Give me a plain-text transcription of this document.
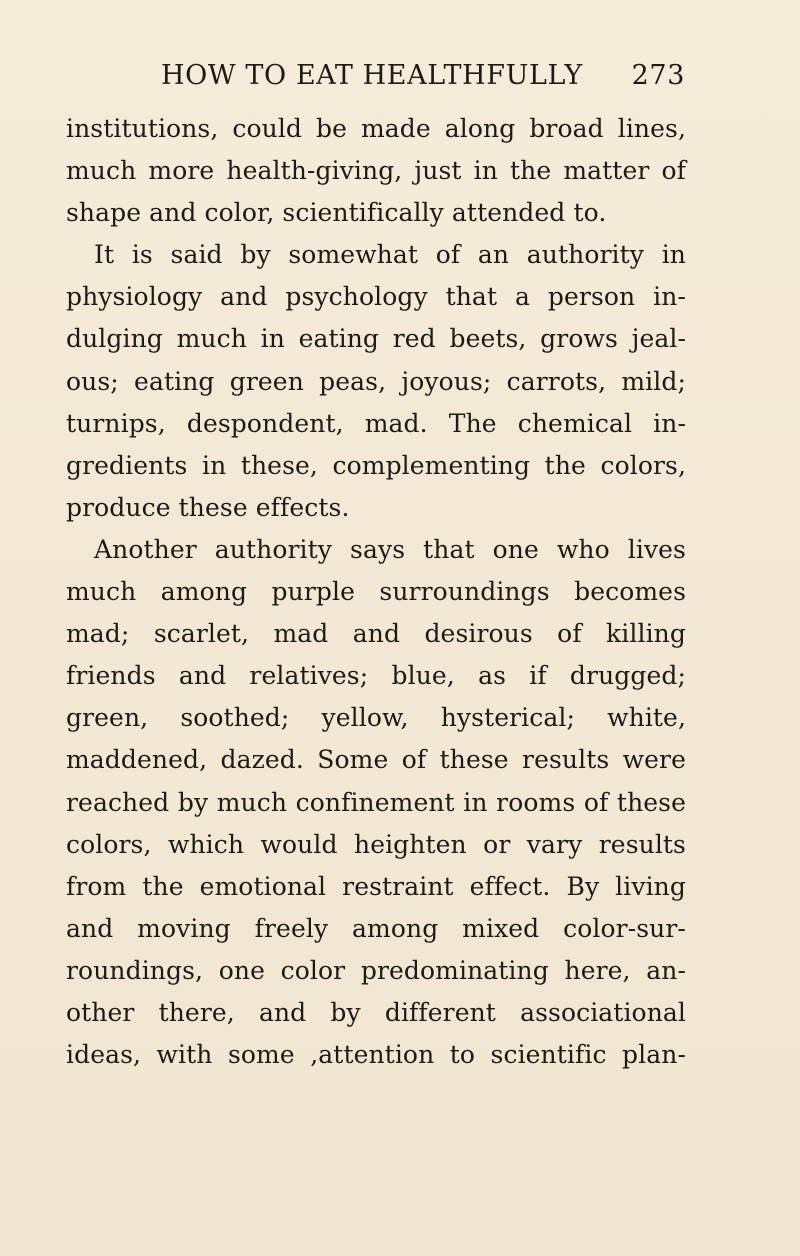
HOW TO EAT HEALTHFULLY 273
institutions, could be made along broad lines,
much more health-giving, just in the matter of
shape and color, scientifically attended to.
It is said by somewhat of an authority in
physiology and psychology that a person in-
dulging much in eating red beets, grows jeal-
ous; eating green peas, joyous; carrots, mild;
turnips, despondent, mad. The chemical in-
gredients in these, complementing the colors,
produce these effects.
Another authority says that one who lives
much among purple surroundings becomes
mad; scarlet, mad and desirous of killing
friends and relatives; blue, as if drugged;
green, soothed; yellow, hysterical; white,
maddened, dazed. Some of these results were
reached by much confinement in rooms of these
colors, which would heighten or vary results
from the emotional restraint effect. By living
and moving freely among mixed color-sur-
roundings, one color predominating here, an-
other there, and by different associational
ideas, with some ,attention to scientific plan-
